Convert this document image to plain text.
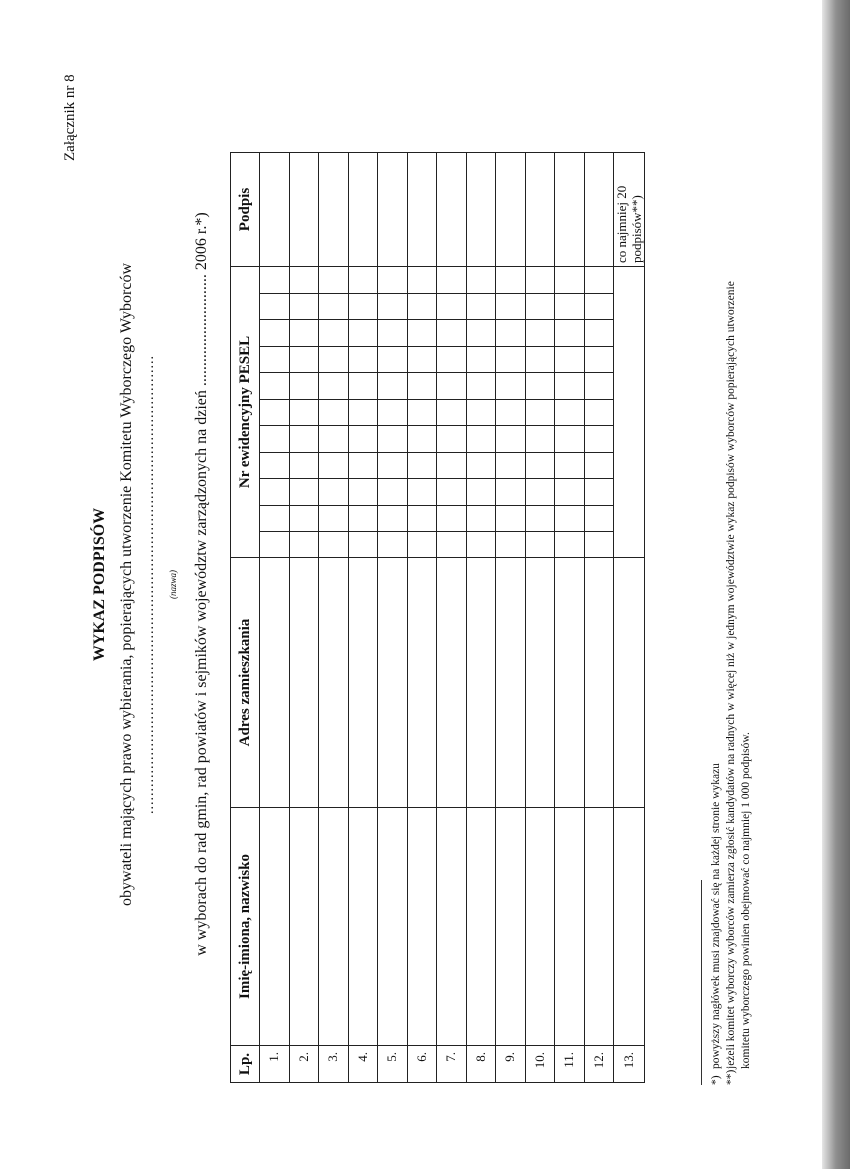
Załącznik nr 8
WYKAZ PODPISÓW obywateli mających prawo wybierania, popierających utworzenie Komitetu Wyborczego Wyborców ...................................................................................................... (nazwa) w wyborach do rad gmin, rad powiatów i sejmików województw zarządzonych na dzień ............................ 2006 r.*)
Lp.	Imię-imiona, nazwisko	Adres zamieszkania	Nr ewidencyjny PESEL											Podpis
1.														
2.														
3.														
4.														
5.														
6.														
7.														
8.														
9.														
10.														
11.														
12.														
13.														co najmniej 20 podpisów**)
*)powyższy nagłówek musi znajdować się na każdej stronie wykazu
**)jeżeli komitet wyborczy wyborców zamierza zgłosić kandydatów na radnych w więcej niż w jednym województwie wykaz podpisów wyborców popierających utworzenie komitetu wyborczego powinien obejmować co najmniej 1 000 podpisów.
